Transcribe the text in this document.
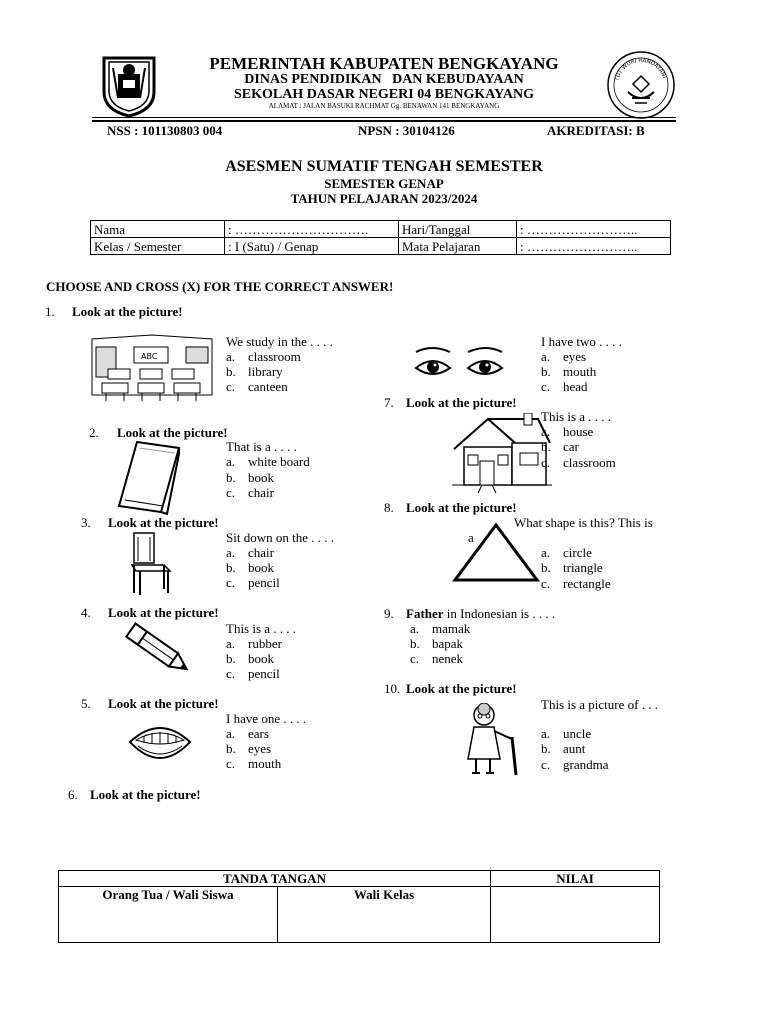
PEMERINTAH KABUPATEN BENGKAYANG
DINAS PENDIDIKAN   DAN KEBUDAYAAN
SEKOLAH DASAR NEGERI 04 BENGKAYANG
ALAMAT : JALAN BASUKI RACHMAT Gg. BENAWAN 141 BENGKAYANG
TUT WURI HANDAYANI
NSS : 101130803 004	NPSN : 30104126	AKREDITASI: B
ASESMEN SUMATIF TENGAH SEMESTER
SEMESTER GENAP
TAHUN PELAJARAN 2023/2024
Nama	: ………………………….	Hari/Tanggal	: ……………………..
Kelas / Semester	: I (Satu) / Genap	Mata Pelajaran	: ……………………..
CHOOSE AND CROSS (X) FOR THE CORRECT ANSWER!
1. Look at the picture!
ABC
We study in the . . . .
a. classroom
b. library
c. canteen
2. Look at the picture!
That is a . . . .
a. white board
b. book
c. chair
3. Look at the picture!
Sit down on the . . . .
a. chair
b. book
c. pencil
4. Look at the picture!
This is a . . . .
a. rubber
b. book
c. pencil
5. Look at the picture!
I have one . . . .
a. ears
b. eyes
c. mouth
6. Look at the picture!
I have two . . . .
a. eyes
b. mouth
c. head
7. Look at the picture!
This is a . . . .
a. house
b. car
c. classroom
8. Look at the picture!
What shape is this? This is
a
a. circle
b. triangle
c. rectangle
9. Father in Indonesian is . . . .
a. mamak
b. bapak
c. nenek
10. Look at the picture!
This is a picture of . . .
a. uncle
b. aunt
c. grandma
TANDA TANGAN		NILAI
Orang Tua / Wali Siswa	Wali Kelas	
